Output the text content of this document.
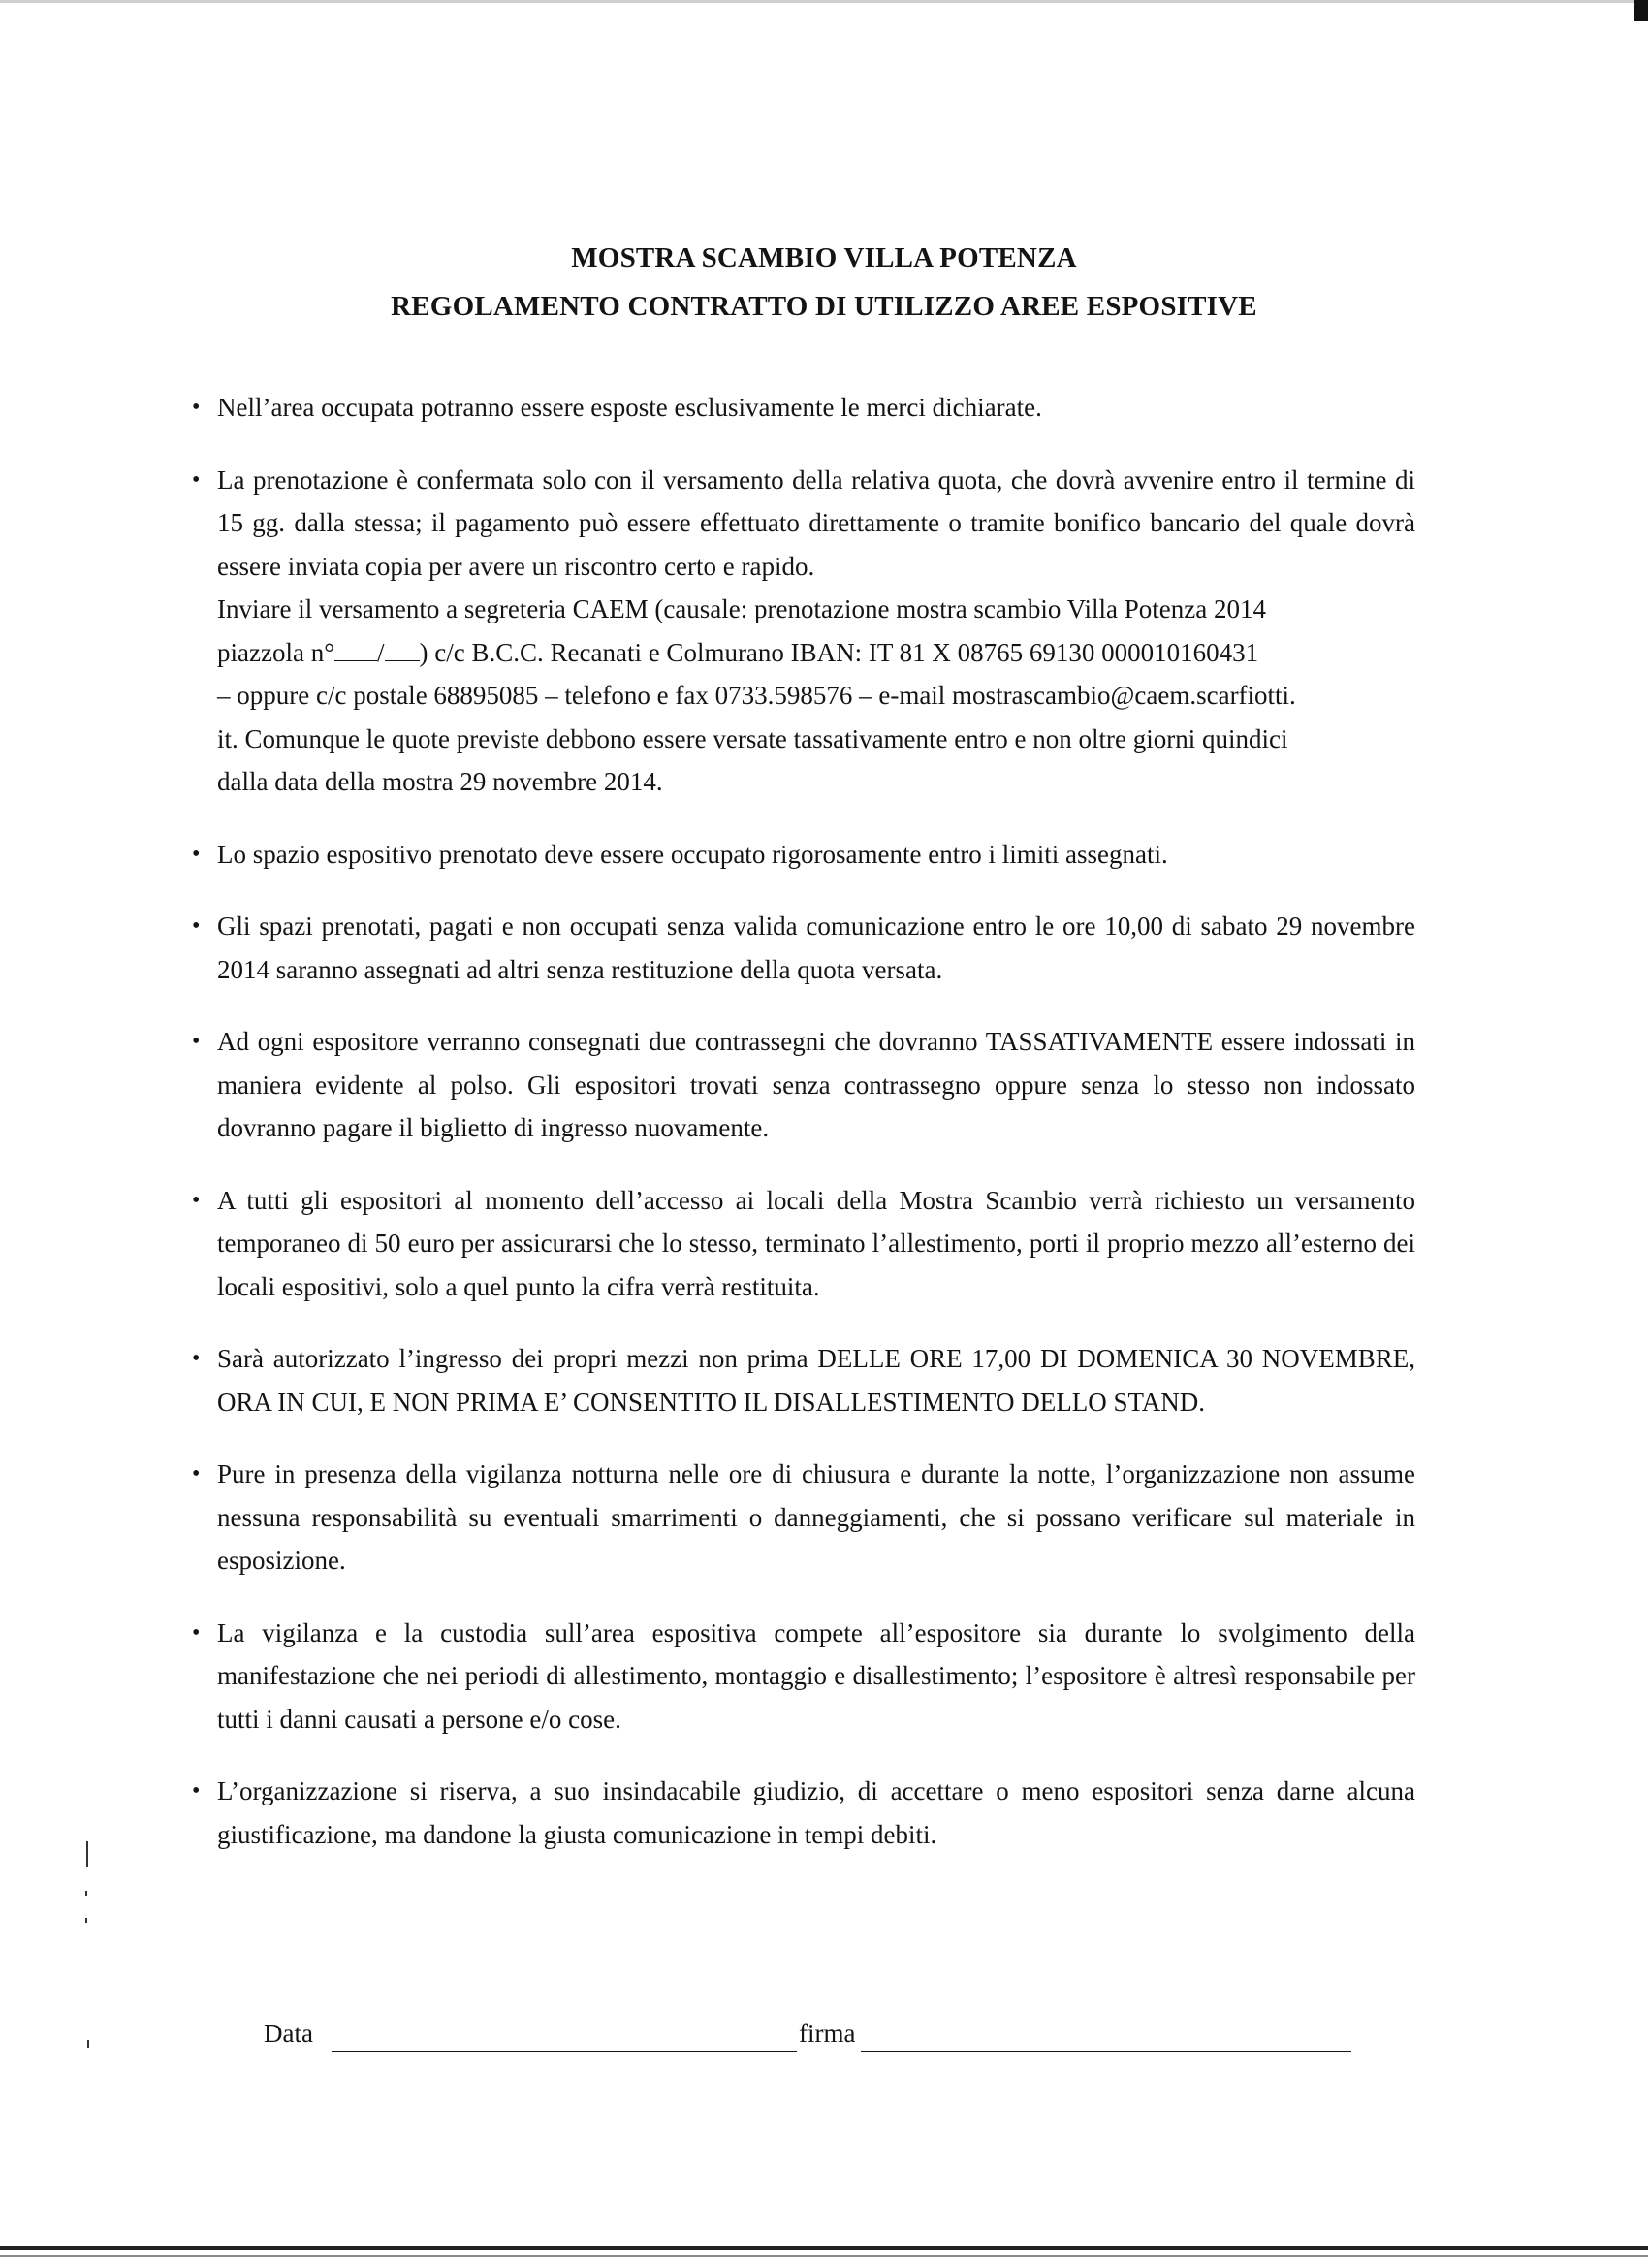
MOSTRA SCAMBIO VILLA POTENZA
REGOLAMENTO CONTRATTO DI UTILIZZO AREE ESPOSITIVE
• Nell’area occupata potranno essere esposte esclusivamente le merci dichiarate.

• La prenotazione è confermata solo con il versamento della relativa quota, che dovrà avvenire entro il termine di 15 gg. dalla stessa; il pagamento può essere effettuato direttamente o tramite bonifico bancario del quale dovrà essere inviata copia per avere un riscontro certo e rapido.

Inviare il versamento a segreteria CAEM (causale: prenotazione mostra scambio Villa Potenza 2014
piazzola n° / ) c/c B.C.C. Recanati e Colmurano IBAN: IT 81 X 08765 69130 000010160431
– oppure c/c postale 68895085 – telefono e fax 0733.598576 – e-mail mostrascambio@caem.scarfiotti.
it. Comunque le quote previste debbono essere versate tassativamente entro e non oltre giorni quindici
dalla data della mostra 29 novembre 2014.

• Lo spazio espositivo prenotato deve essere occupato rigorosamente entro i limiti assegnati.

• Gli spazi prenotati, pagati e non occupati senza valida comunicazione entro le ore 10,00 di sabato 29 novembre 2014 saranno assegnati ad altri senza restituzione della quota versata.

• Ad ogni espositore verranno consegnati due contrassegni che dovranno TASSATIVAMENTE essere indossati in maniera evidente al polso. Gli espositori trovati senza contrassegno oppure senza lo stesso non indossato dovranno pagare il biglietto di ingresso nuovamente.

• A tutti gli espositori al momento dell’accesso ai locali della Mostra Scambio verrà richiesto un versamento temporaneo di 50 euro per assicurarsi che lo stesso, terminato l’allestimento, porti il proprio mezzo all’esterno dei locali espositivi, solo a quel punto la cifra verrà restituita.

• Sarà autorizzato l’ingresso dei propri mezzi non prima DELLE ORE 17,00 DI DOMENICA 30 NOVEMBRE, ORA IN CUI, E NON PRIMA E’ CONSENTITO IL DISALLESTIMENTO DELLO STAND.

• Pure in presenza della vigilanza notturna nelle ore di chiusura e durante la notte, l’organizzazione non assume nessuna responsabilità su eventuali smarrimenti o danneggiamenti, che si possano verificare sul materiale in esposizione.

• La vigilanza e la custodia sull’area espositiva compete all’espositore sia durante lo svolgimento della manifestazione che nei periodi di allestimento, montaggio e disallestimento; l’espositore è altresì responsabile per tutti i danni causati a persone e/o cose.

• L’organizzazione si riserva, a suo insindacabile giudizio, di accettare o meno espositori senza darne alcuna giustificazione, ma dandone la giusta comunicazione in tempi debiti.

Data	firma
